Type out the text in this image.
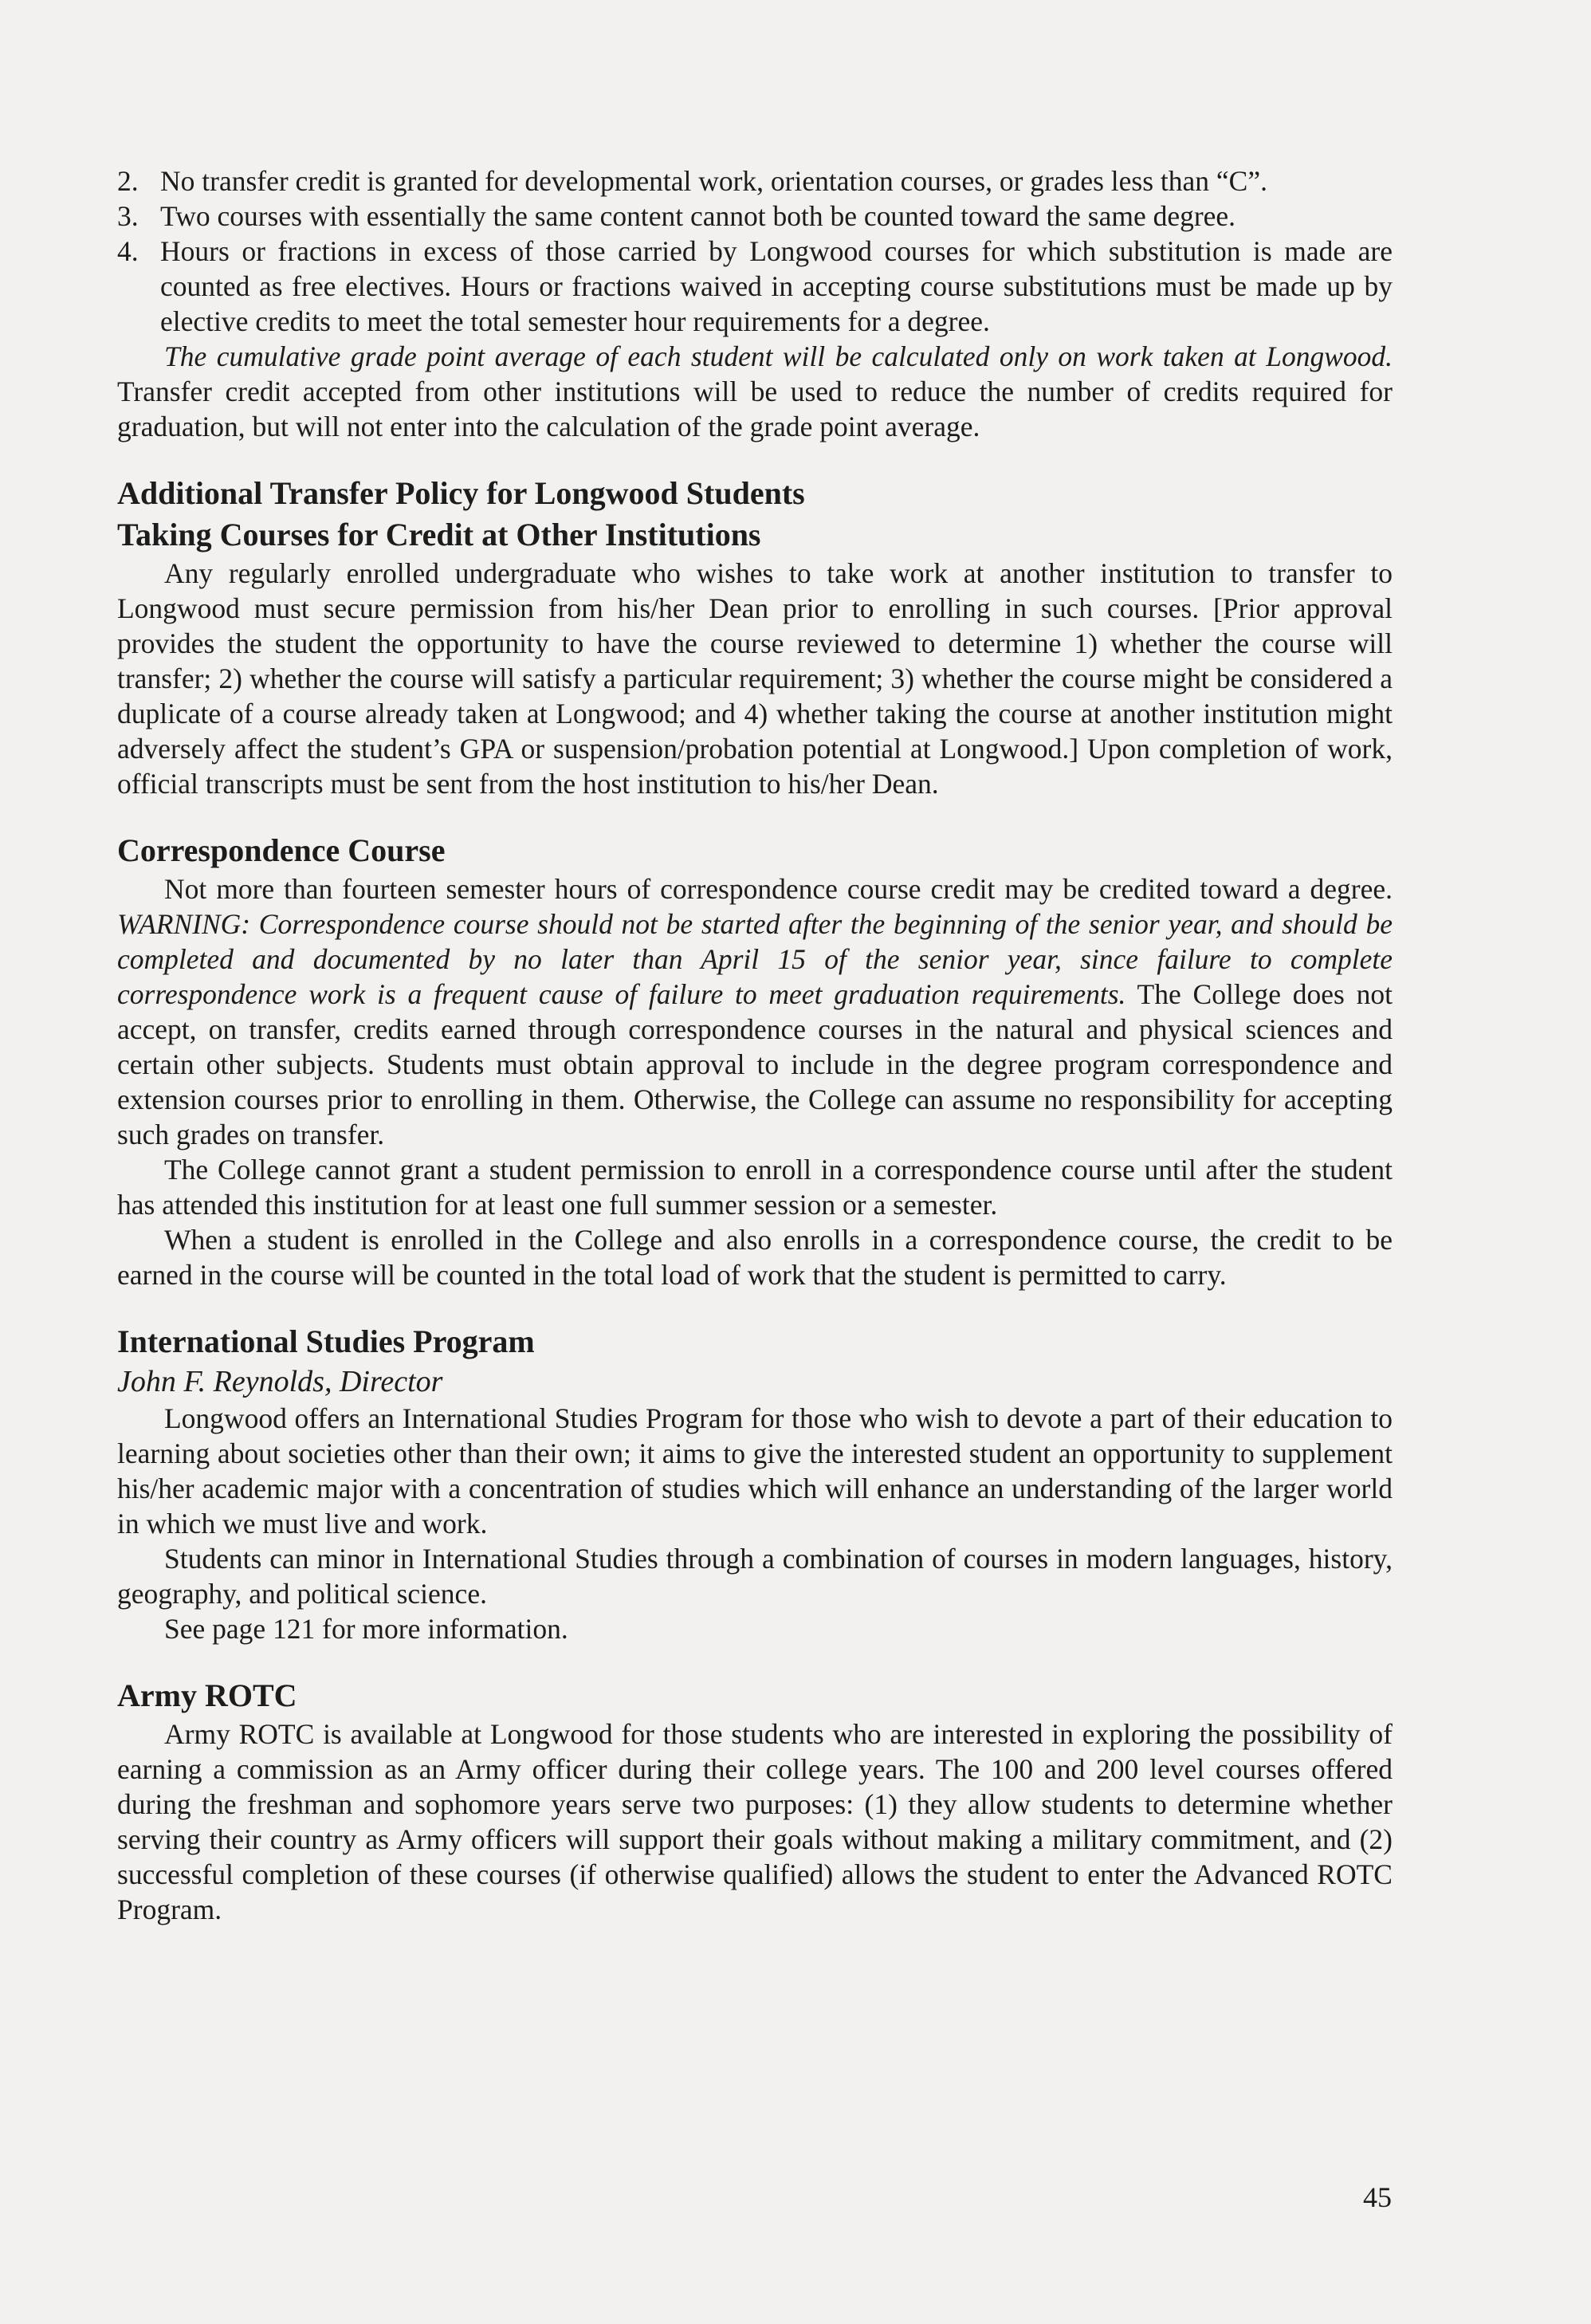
2. No transfer credit is granted for developmental work, orientation courses, or grades less than “C”.

3. Two courses with essentially the same content cannot both be counted toward the same degree.

4. Hours or fractions in excess of those carried by Longwood courses for which substitution is made are counted as free electives. Hours or fractions waived in accepting course substitutions must be made up by elective credits to meet the total semester hour requirements for a degree.

The cumulative grade point average of each student will be calculated only on work taken at Longwood. Transfer credit accepted from other institutions will be used to reduce the number of credits required for graduation, but will not enter into the calculation of the grade point average.

Additional Transfer Policy for Longwood Students
Taking Courses for Credit at Other Institutions

Any regularly enrolled undergraduate who wishes to take work at another institution to transfer to Longwood must secure permission from his/her Dean prior to enrolling in such courses. [Prior approval provides the student the opportunity to have the course reviewed to determine 1) whether the course will transfer; 2) whether the course will satisfy a particular requirement; 3) whether the course might be considered a duplicate of a course already taken at Longwood; and 4) whether taking the course at another institution might adversely affect the student’s GPA or suspension/probation potential at Longwood.] Upon completion of work, official transcripts must be sent from the host institution to his/her Dean.

Correspondence Course

Not more than fourteen semester hours of correspondence course credit may be credited toward a degree. WARNING: Correspondence course should not be started after the beginning of the senior year, and should be completed and documented by no later than April 15 of the senior year, since failure to complete correspondence work is a frequent cause of failure to meet graduation requirements. The College does not accept, on transfer, credits earned through correspondence courses in the natural and physical sciences and certain other subjects. Students must obtain approval to include in the degree program correspondence and extension courses prior to enrolling in them. Otherwise, the College can assume no responsibility for accepting such grades on transfer.

The College cannot grant a student permission to enroll in a correspondence course until after the student has attended this institution for at least one full summer session or a semester.

When a student is enrolled in the College and also enrolls in a correspondence course, the credit to be earned in the course will be counted in the total load of work that the student is permitted to carry.

International Studies Program
John F. Reynolds, Director

Longwood offers an International Studies Program for those who wish to devote a part of their education to learning about societies other than their own; it aims to give the interested student an opportunity to supplement his/her academic major with a concentration of studies which will enhance an understanding of the larger world in which we must live and work.

Students can minor in International Studies through a combination of courses in modern languages, history, geography, and political science.

See page 121 for more information.

Army ROTC

Army ROTC is available at Longwood for those students who are interested in exploring the possibility of earning a commission as an Army officer during their college years. The 100 and 200 level courses offered during the freshman and sophomore years serve two purposes: (1) they allow students to determine whether serving their country as Army officers will support their goals without making a military commitment, and (2) successful completion of these courses (if otherwise qualified) allows the student to enter the Advanced ROTC Program.

45
